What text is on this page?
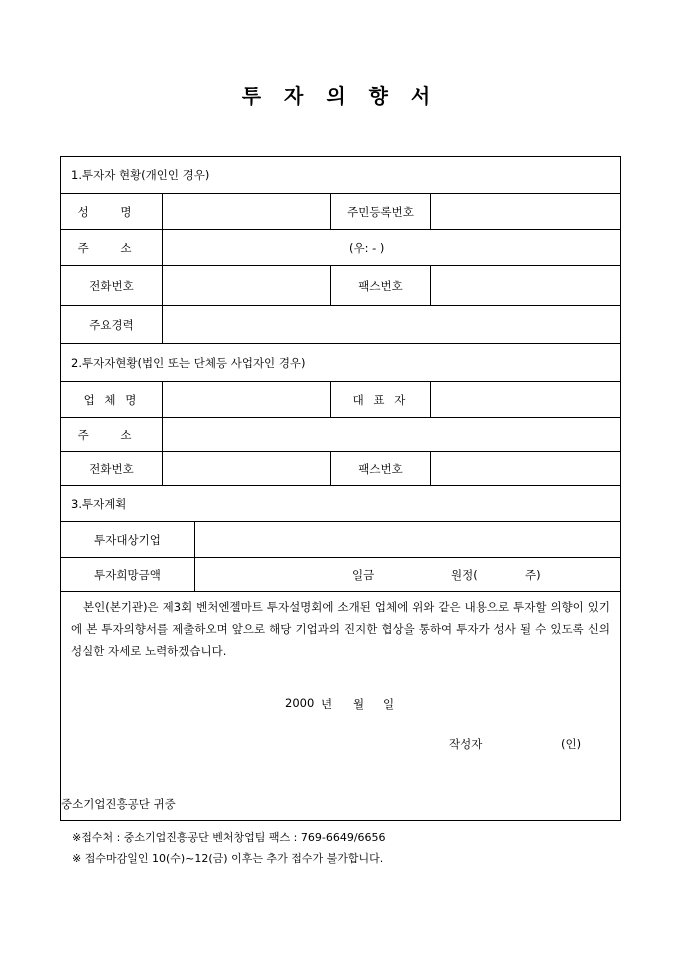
투 자 의 향 서
1.투자자 현황(개인인 경우)
성 명	주민등록번호
주 소	(우: - )
전화번호	팩스번호
주요경력
2.투자자현황(법인 또는 단체등 사업자인 경우)
업 체 명	대 표 자
주 소
전화번호	팩스번호
3.투자계획
투자대상기업
투자희망금액	일금	원정(	주)
본인(본기관)은 제3회 벤처엔젤마트 투자설명회에 소개된 업체에 위와 같은 내용으로 투자할 의향이 있기에 본 투자의향서를 제출하오며 앞으로 해당 기업과의 진지한 협상을 통하여 투자가 성사 될 수 있도록 신의 성실한 자세로 노력하겠습니다.
2000 년 월 일
작성자	(인)
중소기업진흥공단 귀중
※접수처 : 중소기업진흥공단 벤처창업팀 팩스 : 769-6649/6656
※ 접수마감일인 10(수)~12(금) 이후는 추가 접수가 불가합니다.
